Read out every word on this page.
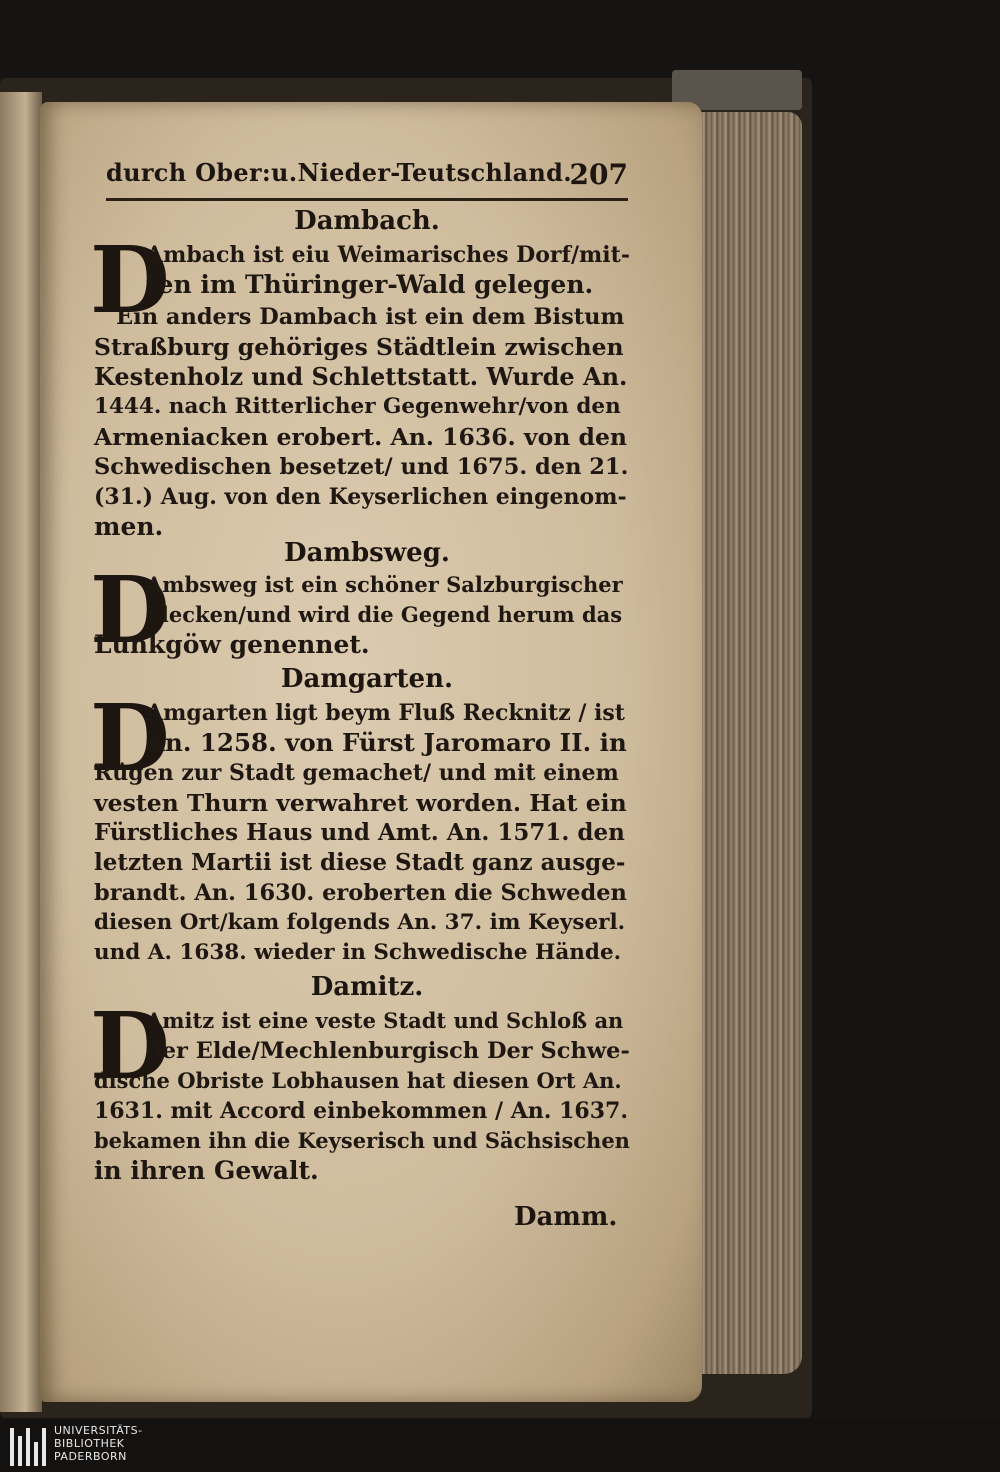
durch Ober:u.Nieder-Teutschland.
207
Dambach.
D
Ambach ist eiu Weimarisches Dorf/mit-
ten im Thüringer-Wald gelegen.
Ein anders Dambach ist ein dem Bistum
Straßburg gehöriges Städtlein zwischen
Kestenholz und Schlettstatt. Wurde An.
1444. nach Ritterlicher Gegenwehr/von den
Armeniacken erobert. An. 1636. von den
Schwedischen besetzet/ und 1675. den 21.
(31.) Aug. von den Keyserlichen eingenom-
men.
Dambsweg.
D
Ambsweg ist ein schöner Salzburgischer
Flecken/und wird die Gegend herum das
Lunkgöw genennet.
Damgarten.
D
Amgarten ligt beym Fluß Recknitz / ist
An. 1258. von Fürst Jaromaro II. in
Rügen zur Stadt gemachet/ und mit einem
vesten Thurn verwahret worden. Hat ein
Fürstliches Haus und Amt. An. 1571. den
letzten Martii ist diese Stadt ganz ausge-
brandt. An. 1630. eroberten die Schweden
diesen Ort/kam folgends An. 37. im Keyserl.
und A. 1638. wieder in Schwedische Hände.
Damitz.
D
Amitz ist eine veste Stadt und Schloß an
der Elde/Mechlenburgisch Der Schwe-
dische Obriste Lobhausen hat diesen Ort An.
1631. mit Accord einbekommen / An. 1637.
bekamen ihn die Keyserisch und Sächsischen
in ihren Gewalt.
Damm.
UNIVERSITÄTS-
BIBLIOTHEK
PADERBORN
